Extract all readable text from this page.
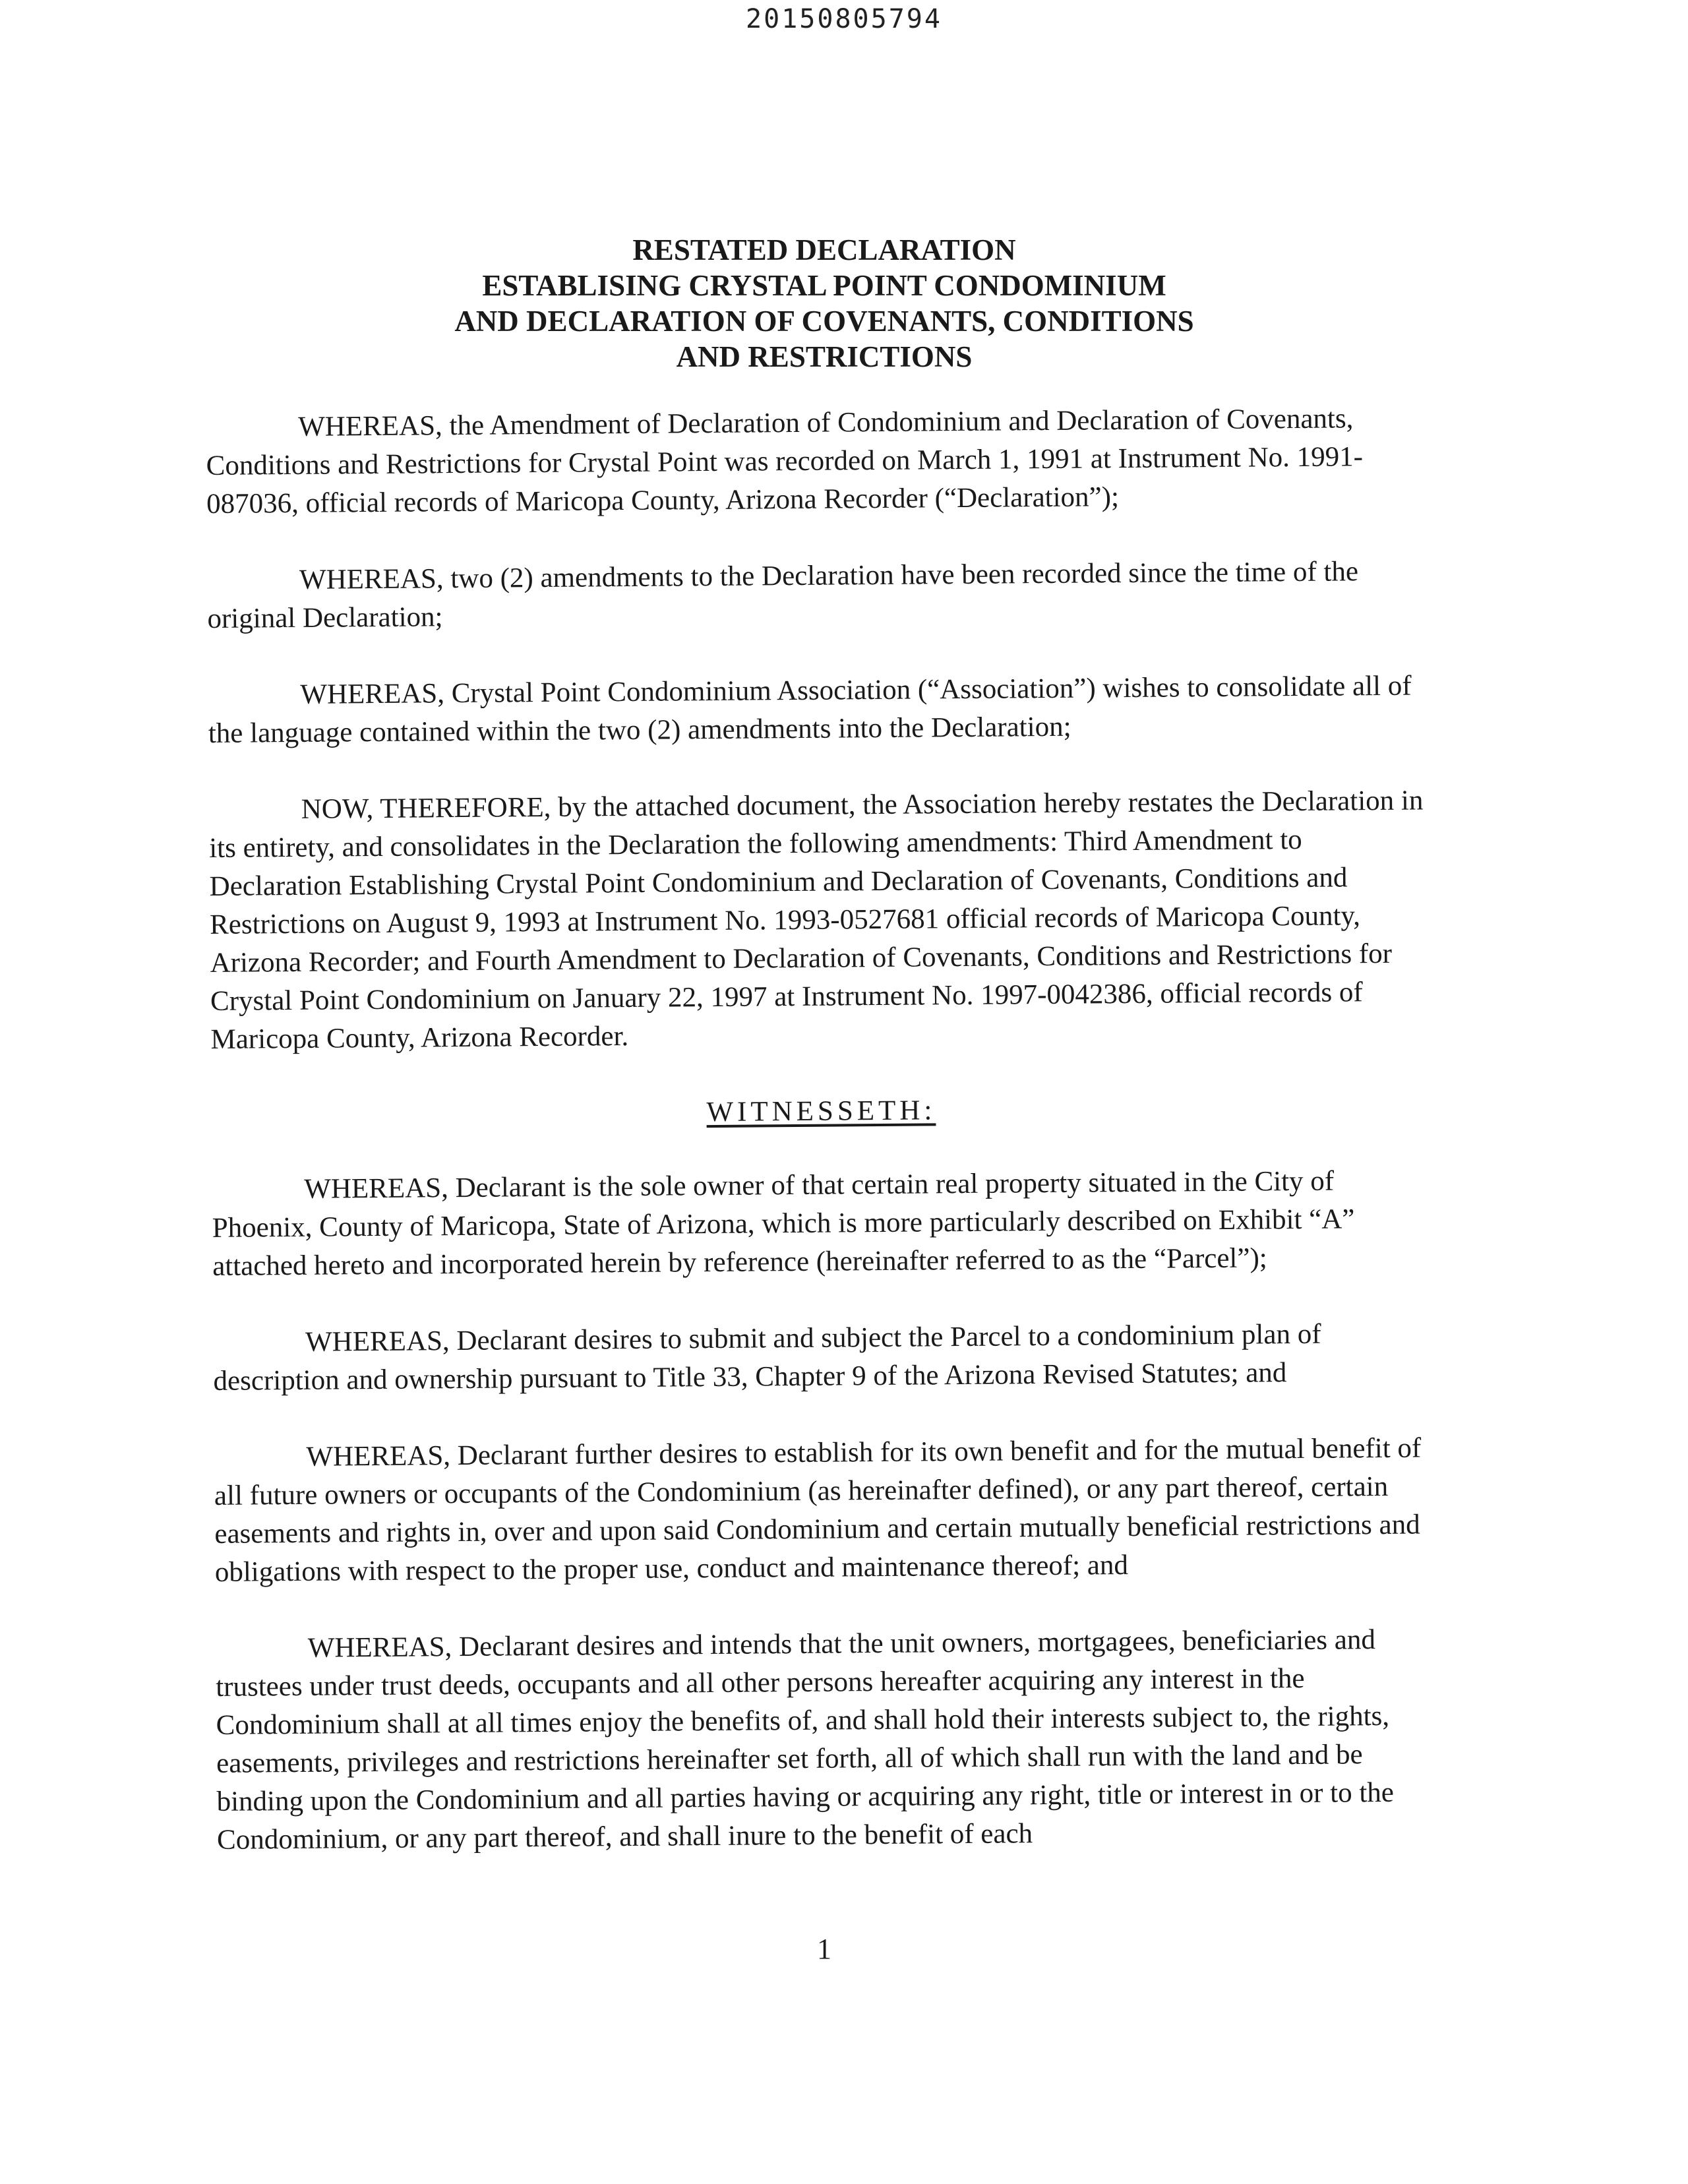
20150805794
RESTATED DECLARATION
ESTABLISING CRYSTAL POINT CONDOMINIUM
AND DECLARATION OF COVENANTS, CONDITIONS
AND RESTRICTIONS

WHEREAS, the Amendment of Declaration of Condominium and Declaration of Covenants, Conditions and Restrictions for Crystal Point was recorded on March 1, 1991 at Instrument No. 1991-087036, official records of Maricopa County, Arizona Recorder (“Declaration”);

WHEREAS, two (2) amendments to the Declaration have been recorded since the time of the original Declaration;

WHEREAS, Crystal Point Condominium Association (“Association”) wishes to consolidate all of the language contained within the two (2) amendments into the Declaration;

NOW, THEREFORE, by the attached document, the Association hereby restates the Declaration in its entirety, and consolidates in the Declaration the following amendments: Third Amendment to Declaration Establishing Crystal Point Condominium and Declaration of Covenants, Conditions and Restrictions on August 9, 1993 at Instrument No. 1993-0527681 official records of Maricopa County, Arizona Recorder; and Fourth Amendment to Declaration of Covenants, Conditions and Restrictions for Crystal Point Condominium on January 22, 1997 at Instrument No. 1997-0042386, official records of Maricopa County, Arizona Recorder.

WITNESSETH:

WHEREAS, Declarant is the sole owner of that certain real property situated in the City of Phoenix, County of Maricopa, State of Arizona, which is more particularly described on Exhibit “A” attached hereto and incorporated herein by reference (hereinafter referred to as the “Parcel”);

WHEREAS, Declarant desires to submit and subject the Parcel to a condominium plan of description and ownership pursuant to Title 33, Chapter 9 of the Arizona Revised Statutes; and

WHEREAS, Declarant further desires to establish for its own benefit and for the mutual benefit of all future owners or occupants of the Condominium (as hereinafter defined), or any part thereof, certain easements and rights in, over and upon said Condominium and certain mutually beneficial restrictions and obligations with respect to the proper use, conduct and maintenance thereof; and

WHEREAS, Declarant desires and intends that the unit owners, mortgagees, beneficiaries and trustees under trust deeds, occupants and all other persons hereafter acquiring any interest in the Condominium shall at all times enjoy the benefits of, and shall hold their interests subject to, the rights, easements, privileges and restrictions hereinafter set forth, all of which shall run with the land and be binding upon the Condominium and all parties having or acquiring any right, title or interest in or to the Condominium, or any part thereof, and shall inure to the benefit of each

1
